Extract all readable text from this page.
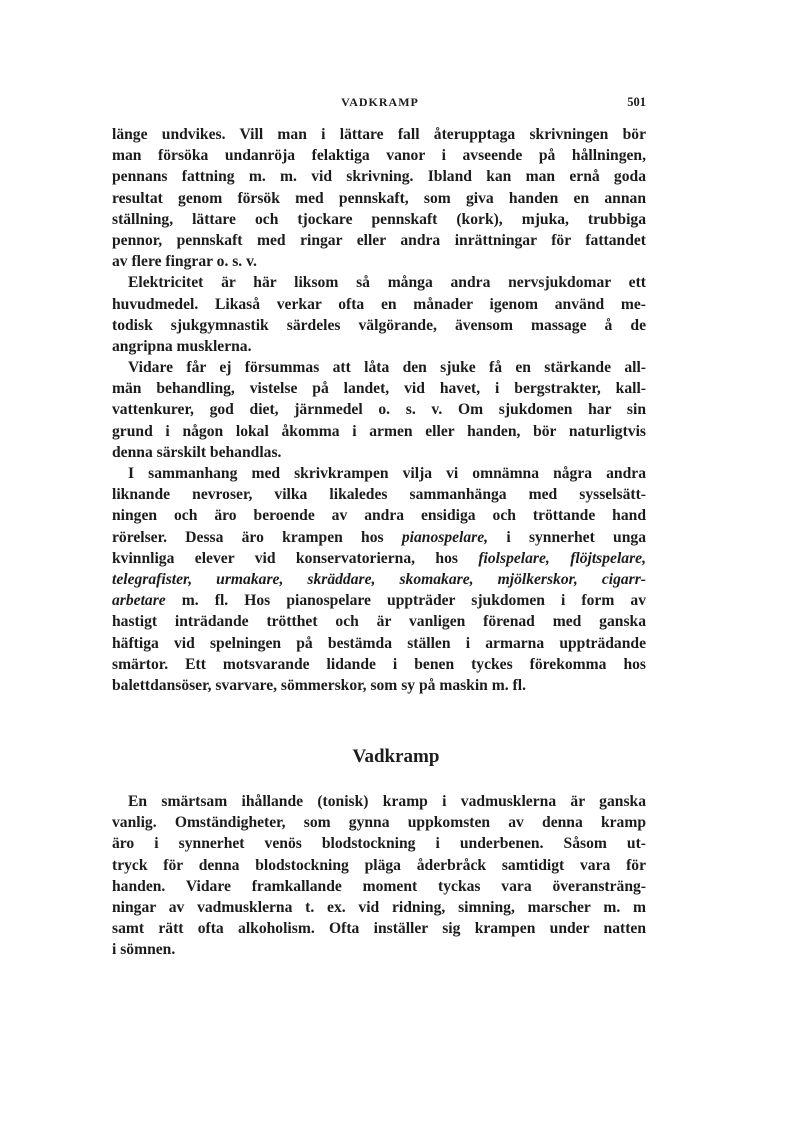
VADKRAMP	501
länge undvikes. Vill man i lättare fall återupptaga skrivningen bör
man försöka undanröja felaktiga vanor i avseende på hållningen,
pennans fattning m. m. vid skrivning. Ibland kan man ernå goda
resultat genom försök med pennskaft, som giva handen en annan
ställning, lättare och tjockare pennskaft (kork), mjuka, trubbiga
pennor, pennskaft med ringar eller andra inrättningar för fattandet
av flere fingrar o. s. v.
Elektricitet är här liksom så många andra nervsjukdomar ett
huvudmedel. Likaså verkar ofta en månader igenom använd me-
todisk sjukgymnastik särdeles välgörande, ävensom massage å de
angripna musklerna.
Vidare får ej försummas att låta den sjuke få en stärkande all-
män behandling, vistelse på landet, vid havet, i bergstrakter, kall-
vattenkurer, god diet, järnmedel o. s. v. Om sjukdomen har sin
grund i någon lokal åkomma i armen eller handen, bör naturligtvis
denna särskilt behandlas.
I sammanhang med skrivkrampen vilja vi omnämna några andra
liknande nevroser, vilka likaledes sammanhänga med sysselsätt-
ningen och äro beroende av andra ensidiga och tröttande hand
rörelser. Dessa äro krampen hos pianospelare, i synnerhet unga
kvinnliga elever vid konservatorierna, hos fiolspelare, flöjtspelare,
telegrafister, urmakare, skräddare, skomakare, mjölkerskor, cigarr-
arbetare m. fl. Hos pianospelare uppträder sjukdomen i form av
hastigt inträdande trötthet och är vanligen förenad med ganska
häftiga vid spelningen på bestämda ställen i armarna uppträdande
smärtor. Ett motsvarande lidande i benen tyckes förekomma hos
balettdansöser, svarvare, sömmerskor, som sy på maskin m. fl.
Vadkramp
En smärtsam ihållande (tonisk) kramp i vadmusklerna är ganska
vanlig. Omständigheter, som gynna uppkomsten av denna kramp
äro i synnerhet venös blodstockning i underbenen. Såsom ut-
tryck för denna blodstockning pläga åderbråck samtidigt vara för
handen. Vidare framkallande moment tyckas vara överansträng-
ningar av vadmusklerna t. ex. vid ridning, simning, marscher m. m
samt rätt ofta alkoholism. Ofta inställer sig krampen under natten
i sömnen.
